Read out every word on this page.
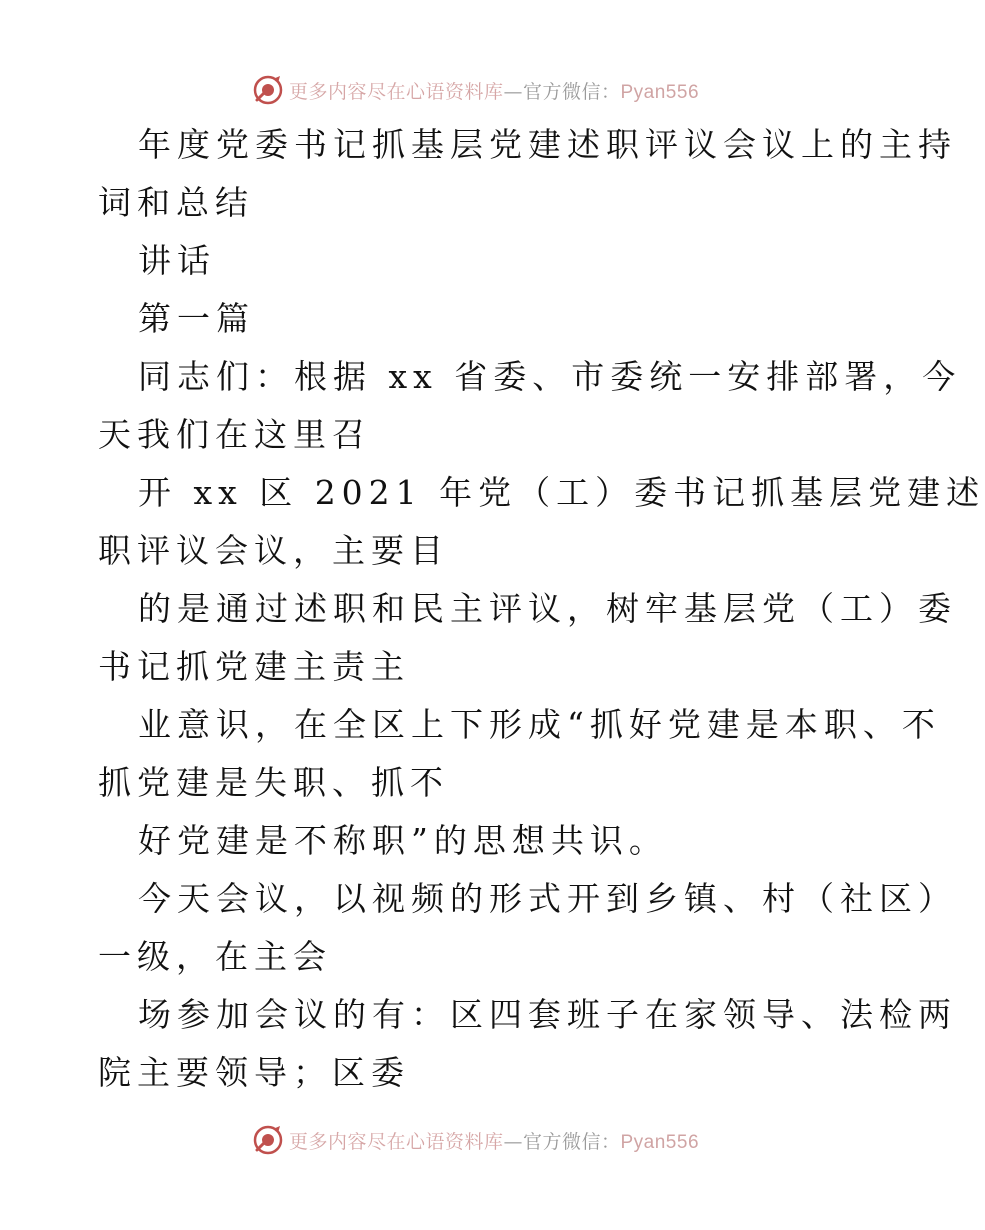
更多内容尽在心语资料库—官方微信：Pyan556
年度党委书记抓基层党建述职评议会议上的主持
词和总结
讲话
第一篇
同志们：根据 xx 省委、市委统一安排部署，今
天我们在这里召
开 xx 区 2021 年党（工）委书记抓基层党建述
职评议会议，主要目
的是通过述职和民主评议，树牢基层党（工）委
书记抓党建主责主
业意识，在全区上下形成“抓好党建是本职、不
抓党建是失职、抓不
好党建是不称职”的思想共识。
今天会议，以视频的形式开到乡镇、村（社区）
一级，在主会
场参加会议的有：区四套班子在家领导、法检两
院主要领导；区委
更多内容尽在心语资料库—官方微信：Pyan556
